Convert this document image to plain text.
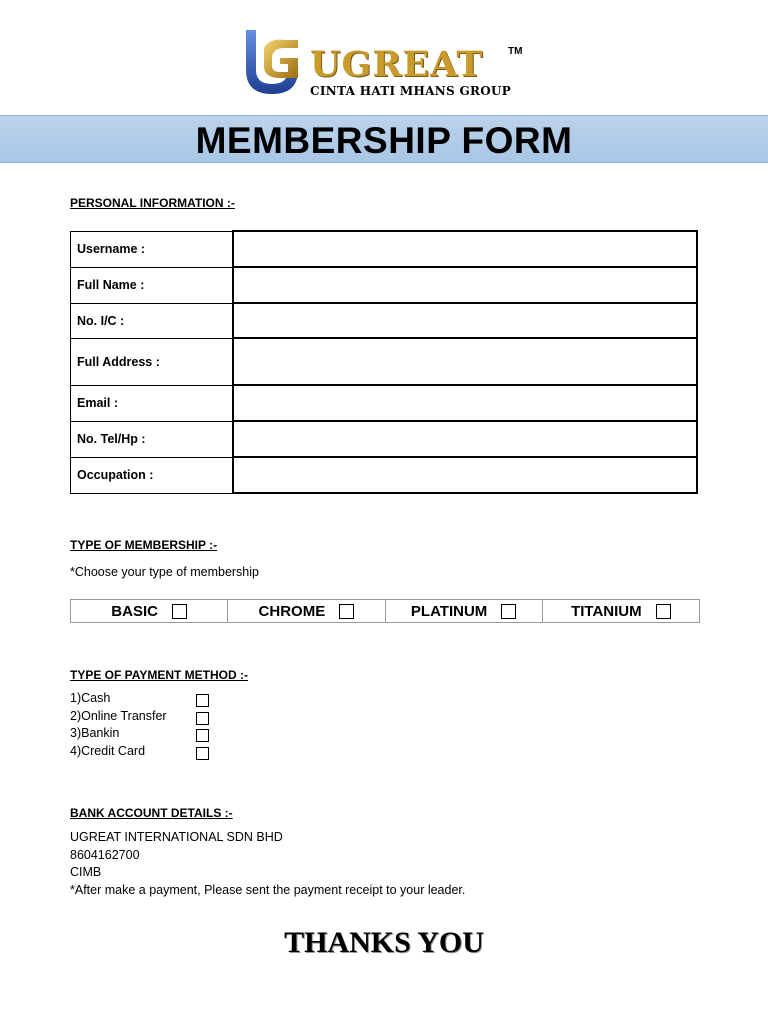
UGREAT TM
CINTA HATI MHANS GROUP
MEMBERSHIP FORM
PERSONAL INFORMATION :-
Username :	
Full Name :	
No. I/C :	
Full Address :	
Email :	
No. Tel/Hp :	
Occupation :	
TYPE OF MEMBERSHIP :-
*Choose your type of membership
BASIC	CHROME	PLATINUM	TITANIUM
TYPE OF PAYMENT METHOD :-
1)Cash
2)Online Transfer
3)Bankin
4)Credit Card
BANK ACCOUNT DETAILS :-
UGREAT INTERNATIONAL SDN BHD
8604162700
CIMB
*After make a payment, Please sent the payment receipt to your leader.
THANKS YOU
